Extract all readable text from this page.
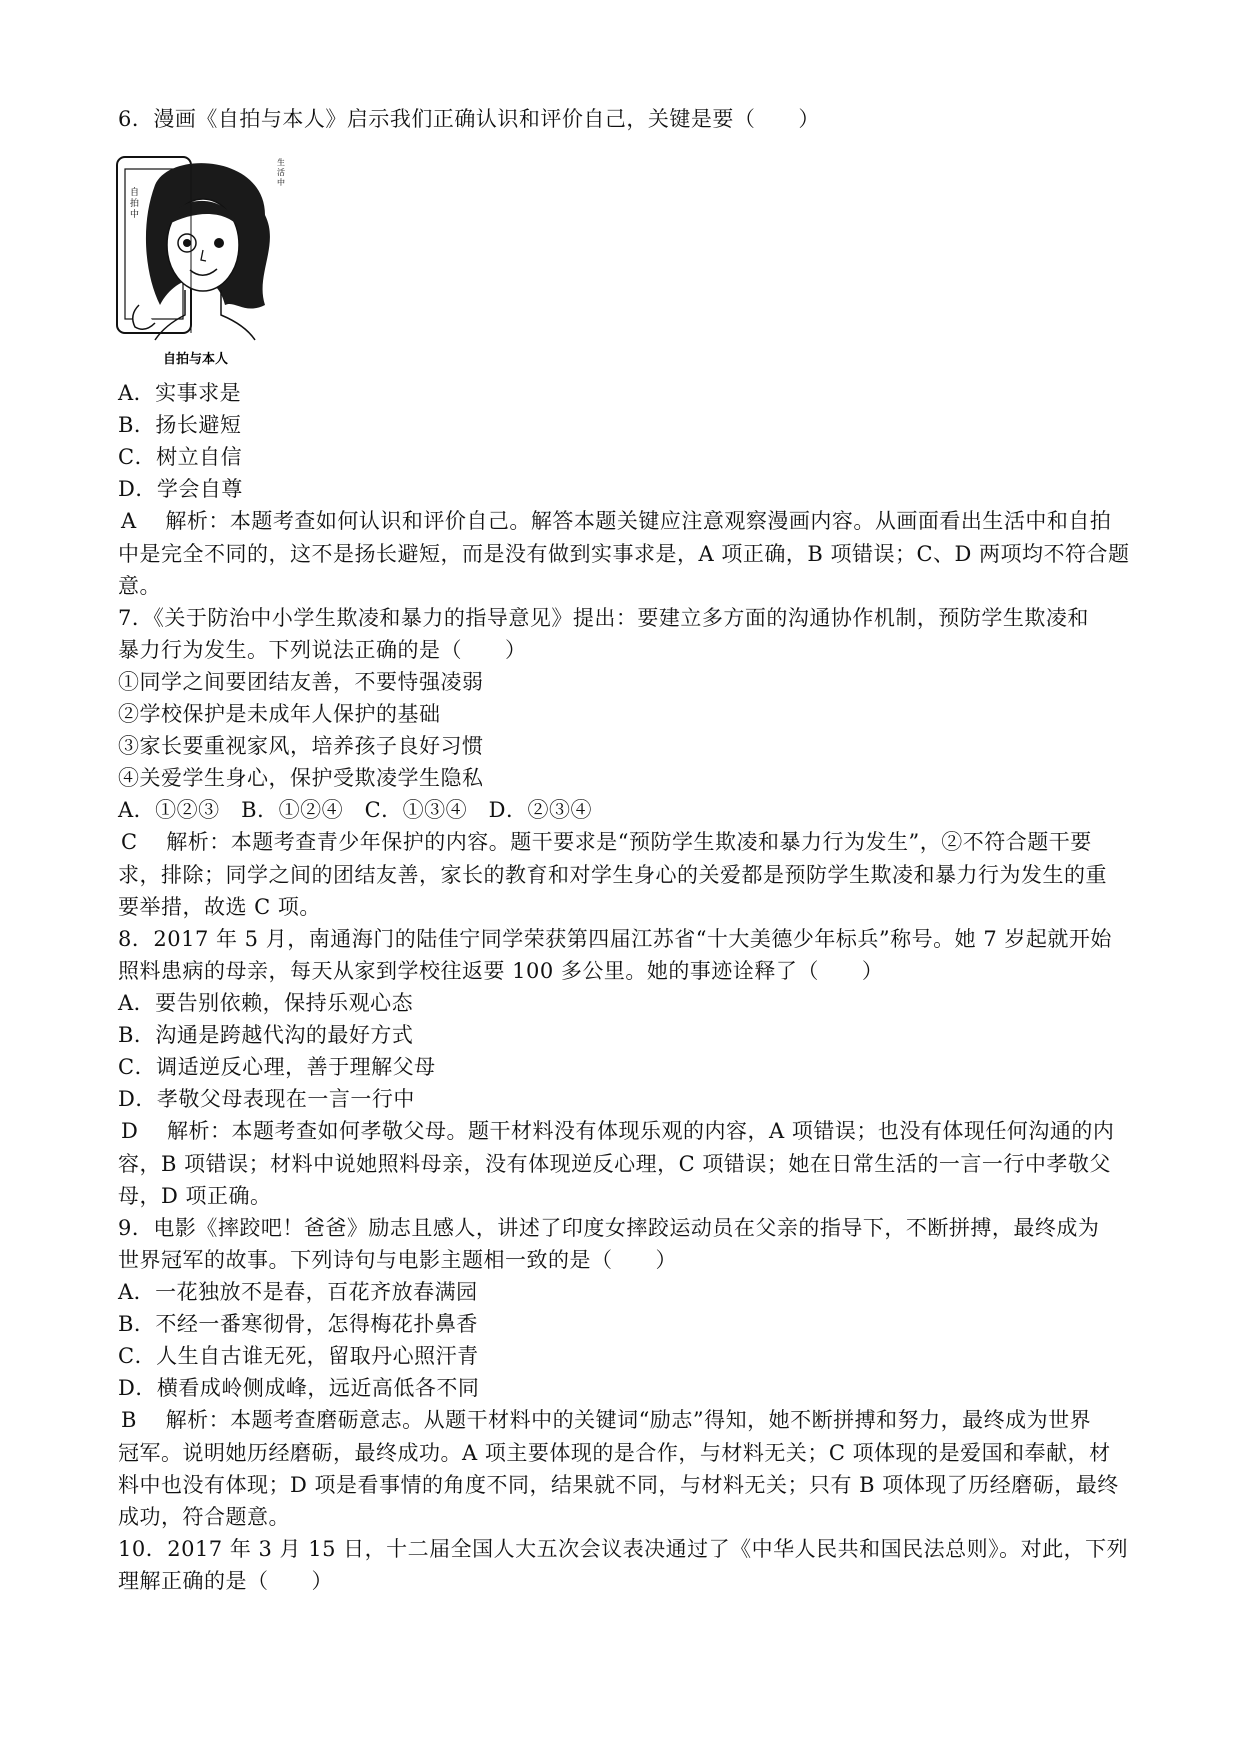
6．漫画《自拍与本人》启示我们正确认识和评价自己，关键是要（　　）
自 拍 中
生 活 中
自拍与本人
A．实事求是
B．扬长避短
C．树立自信
D．学会自尊
A　 解析：本题考查如何认识和评价自己。解答本题关键应注意观察漫画内容。从画面看出生活中和自拍
中是完全不同的，这不是扬长避短，而是没有做到实事求是，A 项正确，B 项错误；C、D 两项均不符合题
意。
7．《关于防治中小学生欺凌和暴力的指导意见》提出：要建立多方面的沟通协作机制，预防学生欺凌和
暴力行为发生。下列说法正确的是（　　）
①同学之间要团结友善，不要恃强凌弱
②学校保护是未成年人保护的基础
③家长要重视家风，培养孩子良好习惯
④关爱学生身心，保护受欺凌学生隐私
A．①②③　B．①②④　C．①③④　D．②③④
C　 解析：本题考查青少年保护的内容。题干要求是“预防学生欺凌和暴力行为发生”，②不符合题干要
求，排除；同学之间的团结友善，家长的教育和对学生身心的关爱都是预防学生欺凌和暴力行为发生的重
要举措，故选 C 项。
8．2017 年 5 月，南通海门的陆佳宁同学荣获第四届江苏省“十大美德少年标兵”称号。她 7 岁起就开始
照料患病的母亲，每天从家到学校往返要 100 多公里。她的事迹诠释了（　　）
A．要告别依赖，保持乐观心态
B．沟通是跨越代沟的最好方式
C．调适逆反心理，善于理解父母
D．孝敬父母表现在一言一行中
D　 解析：本题考查如何孝敬父母。题干材料没有体现乐观的内容，A 项错误；也没有体现任何沟通的内
容，B 项错误；材料中说她照料母亲，没有体现逆反心理，C 项错误；她在日常生活的一言一行中孝敬父
母，D 项正确。
9．电影《摔跤吧！爸爸》励志且感人，讲述了印度女摔跤运动员在父亲的指导下，不断拼搏，最终成为
世界冠军的故事。下列诗句与电影主题相一致的是（　　）
A．一花独放不是春，百花齐放春满园
B．不经一番寒彻骨，怎得梅花扑鼻香
C．人生自古谁无死，留取丹心照汗青
D．横看成岭侧成峰，远近高低各不同
B　 解析：本题考查磨砺意志。从题干材料中的关键词“励志”得知，她不断拼搏和努力，最终成为世界
冠军。说明她历经磨砺，最终成功。A 项主要体现的是合作，与材料无关；C 项体现的是爱国和奉献，材
料中也没有体现；D 项是看事情的角度不同，结果就不同，与材料无关；只有 B 项体现了历经磨砺，最终
成功，符合题意。
10．2017 年 3 月 15 日，十二届全国人大五次会议表决通过了《中华人民共和国民法总则》。对此，下列
理解正确的是（　　）
